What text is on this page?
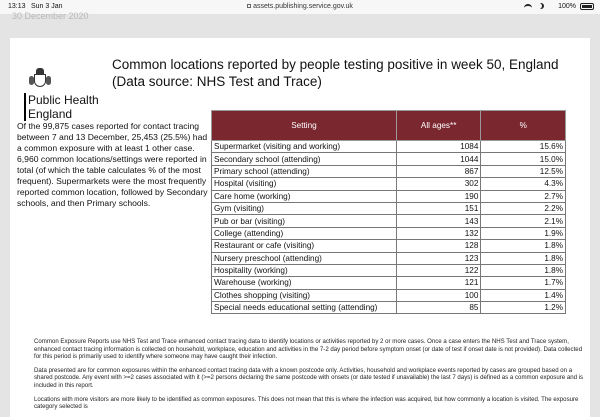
13:13 Sun 3 Jan	assets.publishing.service.gov.uk	100%
30 December 2020
Public Health
England
Common locations reported by people testing positive in week 50, England
(Data source: NHS Test and Trace)
Of the 99,875 cases reported for contact tracing between 7 and 13 December, 25,453 (25.5%) had a common exposure with at least 1 other case. 6,960 common locations/settings were reported in total (of which the table calculates % of the most frequent). Supermarkets were the most frequently reported common location, followed by Secondary schools, and then Primary schools.
Setting	All ages**	%
Supermarket (visiting and working)	1084	15.6%
Secondary school (attending)	1044	15.0%
Primary school (attending)	867	12.5%
Hospital (visiting)	302	4.3%
Care home (working)	190	2.7%
Gym (visiting)	151	2.2%
Pub or bar (visiting)	143	2.1%
College (attending)	132	1.9%
Restaurant or cafe (visiting)	128	1.8%
Nursery preschool (attending)	123	1.8%
Hospitality (working)	122	1.8%
Warehouse (working)	121	1.7%
Clothes shopping (visiting)	100	1.4%
Special needs educational setting (attending)	85	1.2%

Common Exposure Reports use NHS Test and Trace enhanced contact tracing data to identify locations or activities reported by 2 or more cases. Once a case enters the NHS Test and Trace system, enhanced contact tracing information is collected on household, workplace, education and activities in the 7-2 day period before symptom onset (or date of test if onset date is not provided). Data collected for this period is primarily used to identify where someone may have caught their infection.

Data presented are for common exposures within the enhanced contact tracing data with a known postcode only. Activities, household and workplace events reported by cases are grouped based on a shared postcode. Any event with >=2 cases associated with it (>=2 persons declaring the same postcode with onsets (or date tested if unavailable) the last 7 days) is defined as a common exposure and is included in this report.

Locations with more visitors are more likely to be identified as common exposures. This does not mean that this is where the infection was acquired, but how commonly a location is visited. The exposure category selected is
